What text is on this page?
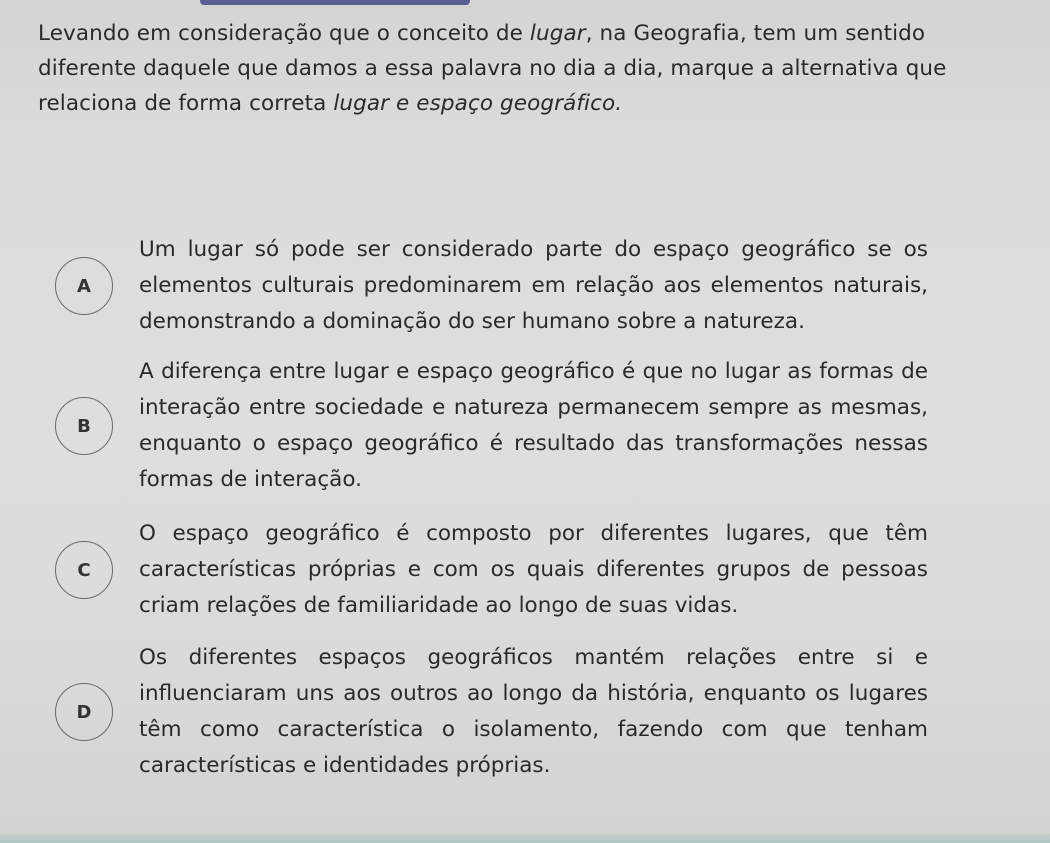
Levando em consideração que o conceito de lugar, na Geografia, tem um sentido
diferente daquele que damos a essa palavra no dia a dia, marque a alternativa que
relaciona de forma correta lugar e espaço geográfico.
A
Um lugar só pode ser considerado parte do espaço geográfico se os elementos culturais predominarem em relação aos elementos naturais, demonstrando a dominação do ser humano sobre a natureza.
B
A diferença entre lugar e espaço geográfico é que no lugar as formas de interação entre sociedade e natureza permanecem sempre as mesmas, enquanto o espaço geográfico é resultado das transformações nessas formas de interação.
C
O espaço geográfico é composto por diferentes lugares, que têm características próprias e com os quais diferentes grupos de pessoas criam relações de familiaridade ao longo de suas vidas.
D
Os diferentes espaços geográficos mantém relações entre si e influenciaram uns aos outros ao longo da história, enquanto os lugares têm como característica o isolamento, fazendo com que tenham características e identidades próprias.
